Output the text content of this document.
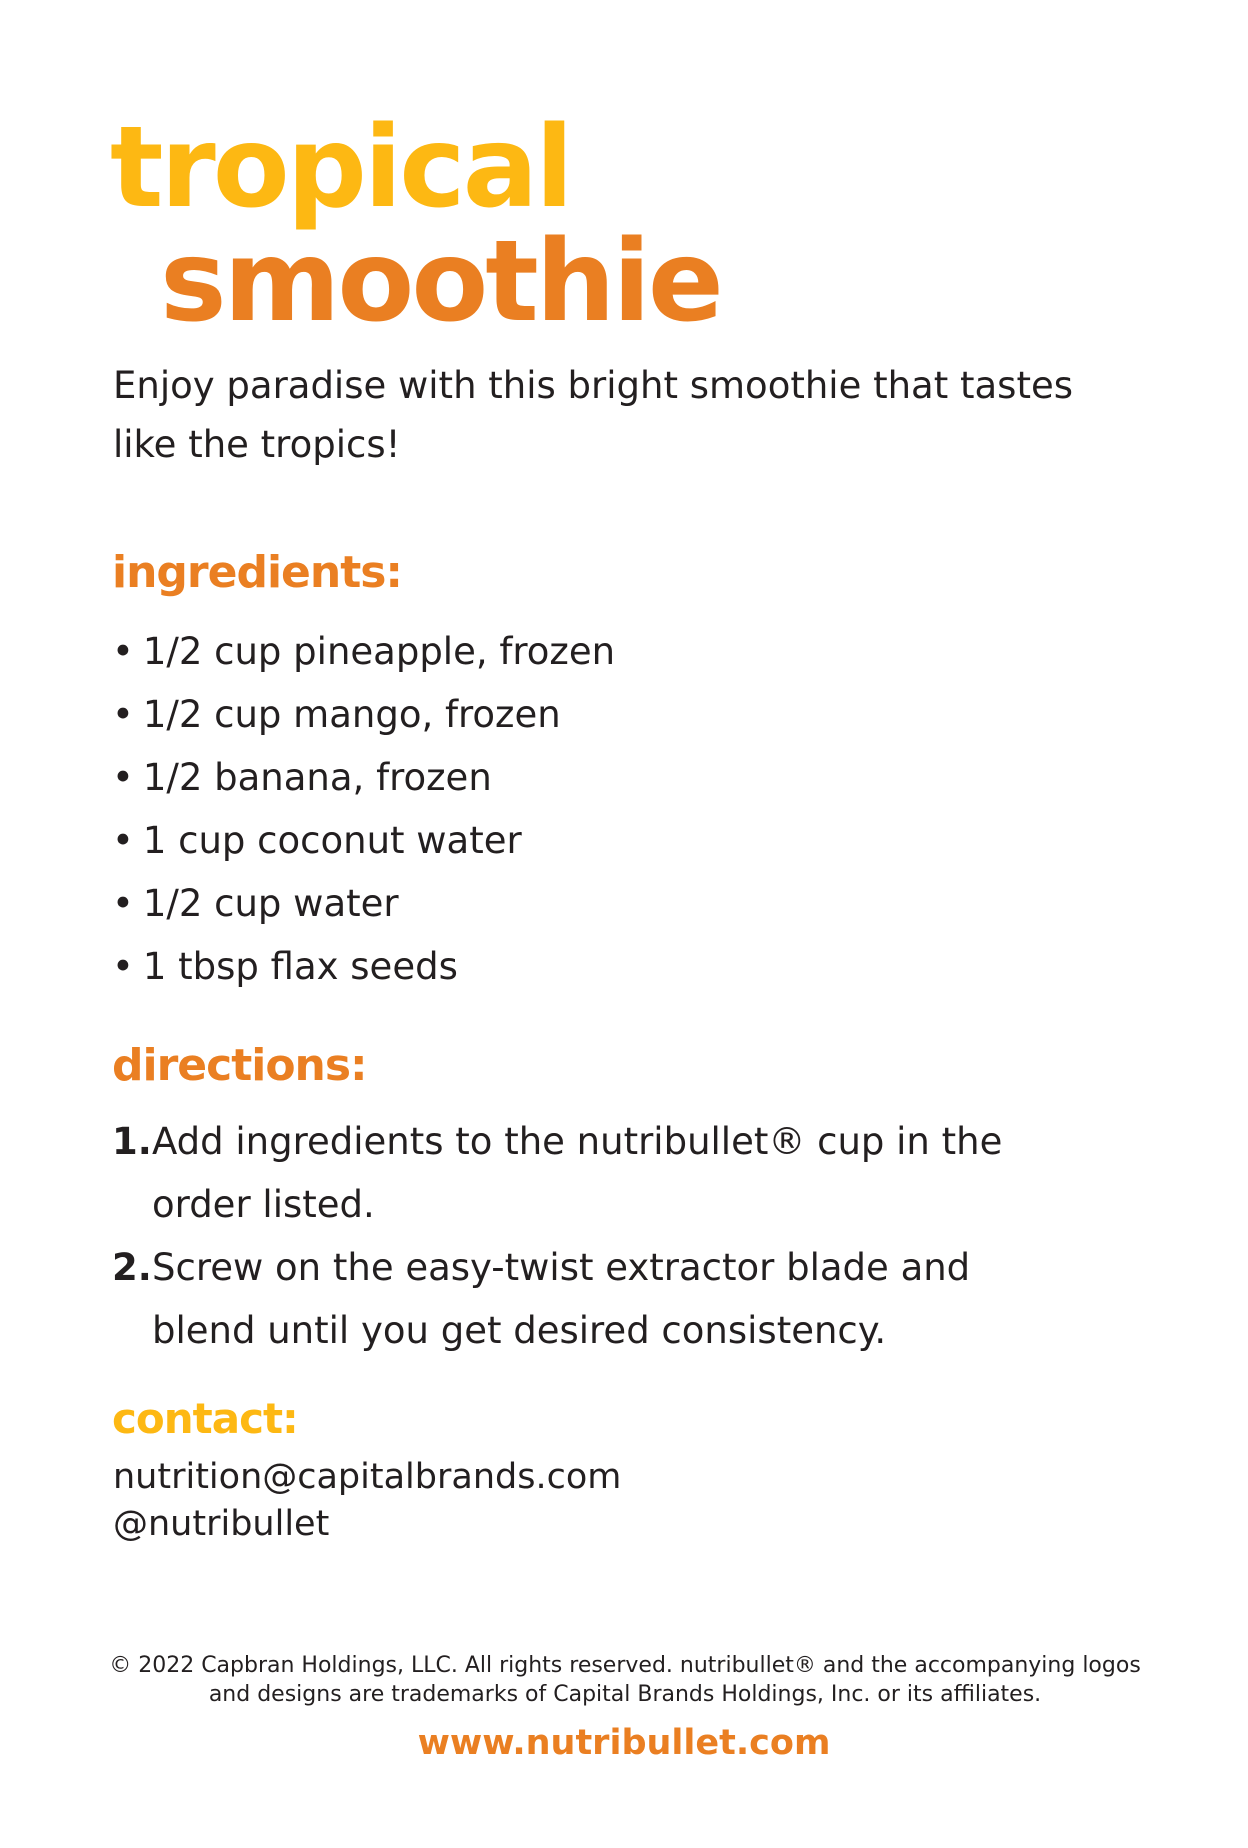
tropical
smoothie

Enjoy paradise with this bright smoothie that tastes like the tropics!

ingredients:
• 1/2 cup pineapple, frozen
• 1/2 cup mango, frozen
• 1/2 banana, frozen
• 1 cup coconut water
• 1/2 cup water
• 1 tbsp flax seeds
directions:
1. Add ingredients to the nutribullet® cup in the order listed.
2. Screw on the easy-twist extractor blade and blend until you get desired consistency.
contact:
nutrition@capitalbrands.com
@nutribullet

© 2022 Capbran Holdings, LLC. All rights reserved. nutribullet® and the accompanying logos and designs are trademarks of Capital Brands Holdings, Inc. or its affiliates.

www.nutribullet.com
